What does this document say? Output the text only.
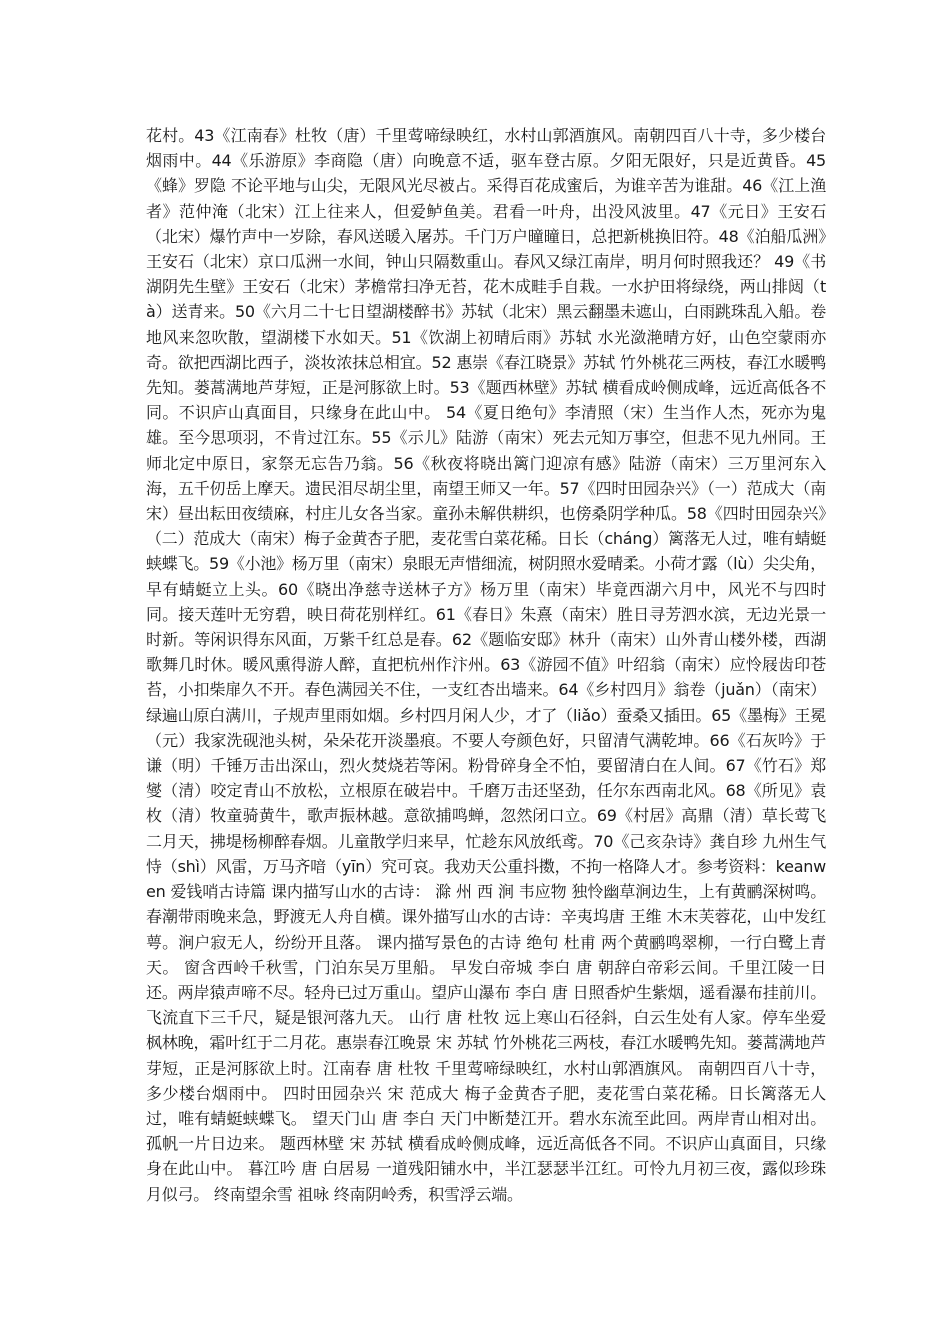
花村。43《江南春》杜牧（唐）千里莺啼绿映红，水村山郭酒旗风。南朝四百八十寺，多少楼台烟雨中。44《乐游原》李商隐（唐）向晚意不适，驱车登古原。夕阳无限好，只是近黄昏。45《蜂》罗隐 不论平地与山尖，无限风光尽被占。采得百花成蜜后，为谁辛苦为谁甜。46《江上渔者》范仲淹（北宋）江上往来人，但爱鲈鱼美。君看一叶舟，出没风波里。47《元日》王安石（北宋）爆竹声中一岁除，春风送暖入屠苏。千门万户曈曈日，总把新桃换旧符。48《泊船瓜洲》王安石（北宋）京口瓜洲一水间，钟山只隔数重山。春风又绿江南岸，明月何时照我还？ 49《书湖阴先生壁》王安石（北宋）茅檐常扫净无苔，花木成畦手自栽。一水护田将绿绕，两山排闼（tà）送青来。50《六月二十七日望湖楼醉书》苏轼（北宋）黑云翻墨未遮山，白雨跳珠乱入船。卷地风来忽吹散，望湖楼下水如天。51《饮湖上初晴后雨》苏轼 水光潋滟晴方好，山色空蒙雨亦奇。欲把西湖比西子，淡妆浓抹总相宜。52 惠崇《春江晓景》苏轼 竹外桃花三两枝，春江水暖鸭先知。蒌蒿满地芦芽短，正是河豚欲上时。53《题西林壁》苏轼 横看成岭侧成峰，远近高低各不同。不识庐山真面目，只缘身在此山中。 54《夏日绝句》李清照（宋）生当作人杰，死亦为鬼雄。至今思项羽，不肯过江东。55《示儿》陆游（南宋）死去元知万事空，但悲不见九州同。王师北定中原日，家祭无忘告乃翁。56《秋夜将晓出篱门迎凉有感》陆游（南宋）三万里河东入海，五千仞岳上摩天。遗民泪尽胡尘里，南望王师又一年。57《四时田园杂兴》（一）范成大（南宋）昼出耘田夜绩麻，村庄儿女各当家。童孙未解供耕织，也傍桑阴学种瓜。58《四时田园杂兴》（二）范成大（南宋）梅子金黄杏子肥，麦花雪白菜花稀。日长（cháng）篱落无人过，唯有蜻蜓蛱蝶飞。59《小池》杨万里（南宋）泉眼无声惜细流，树阴照水爱晴柔。小荷才露（lù）尖尖角，早有蜻蜓立上头。60《晓出净慈寺送林子方》杨万里（南宋）毕竟西湖六月中，风光不与四时同。接天莲叶无穷碧，映日荷花别样红。61《春日》朱熹（南宋）胜日寻芳泗水滨，无边光景一时新。等闲识得东风面，万紫千红总是春。62《题临安邸》林升（南宋）山外青山楼外楼，西湖歌舞几时休。暖风熏得游人醉，直把杭州作汴州。63《游园不值》叶绍翁（南宋）应怜屐齿印苍苔，小扣柴扉久不开。春色满园关不住，一支红杏出墙来。64《乡村四月》翁卷（juǎn）（南宋）绿遍山原白满川，子规声里雨如烟。乡村四月闲人少，才了（liǎo）蚕桑又插田。65《墨梅》王冕（元）我家洗砚池头树，朵朵花开淡墨痕。不要人夸颜色好，只留清气满乾坤。66《石灰吟》于谦（明）千锤万击出深山，烈火焚烧若等闲。粉骨碎身全不怕，要留清白在人间。67《竹石》郑燮（清）咬定青山不放松，立根原在破岩中。千磨万击还坚劲，任尔东西南北风。68《所见》袁枚（清）牧童骑黄牛，歌声振林越。意欲捕鸣蝉，忽然闭口立。69《村居》高鼎（清）草长莺飞二月天，拂堤杨柳醉春烟。儿童散学归来早，忙趁东风放纸鸢。70《己亥杂诗》龚自珍 九州生气恃（shì）风雷，万马齐喑（yīn）究可哀。我劝天公重抖擞，不拘一格降人才。参考资料：keanwen 爱钱哨古诗篇 课内描写山水的古诗： 滁 州 西 涧 韦应物 独怜幽草涧边生，上有黄鹂深树鸣。春潮带雨晚来急，野渡无人舟自横。课外描写山水的古诗：辛夷坞唐 王维 木末芙蓉花，山中发红萼。涧户寂无人，纷纷开且落。 课内描写景色的古诗 绝句 杜甫 两个黄鹂鸣翠柳，一行白鹭上青天。 窗含西岭千秋雪，门泊东吴万里船。 早发白帝城 李白 唐 朝辞白帝彩云间。千里江陵一日还。两岸猿声啼不尽。轻舟已过万重山。望庐山瀑布 李白 唐 日照香炉生紫烟，遥看瀑布挂前川。飞流直下三千尺，疑是银河落九天。 山行 唐 杜牧 远上寒山石径斜，白云生处有人家。停车坐爱枫林晚，霜叶红于二月花。惠崇春江晚景 宋 苏轼 竹外桃花三两枝，春江水暖鸭先知。蒌蒿满地芦芽短，正是河豚欲上时。江南春 唐 杜牧 千里莺啼绿映红，水村山郭酒旗风。 南朝四百八十寺，多少楼台烟雨中。 四时田园杂兴 宋 范成大 梅子金黄杏子肥，麦花雪白菜花稀。日长篱落无人过，唯有蜻蜓蛱蝶飞。 望天门山 唐 李白 天门中断楚江开。碧水东流至此回。两岸青山相对出。孤帆一片日边来。 题西林壁 宋 苏轼 横看成岭侧成峰，远近高低各不同。不识庐山真面目，只缘身在此山中。 暮江吟 唐 白居易 一道残阳铺水中，半江瑟瑟半江红。可怜九月初三夜，露似珍珠月似弓。 终南望余雪 祖咏 终南阴岭秀，积雪浮云端。
